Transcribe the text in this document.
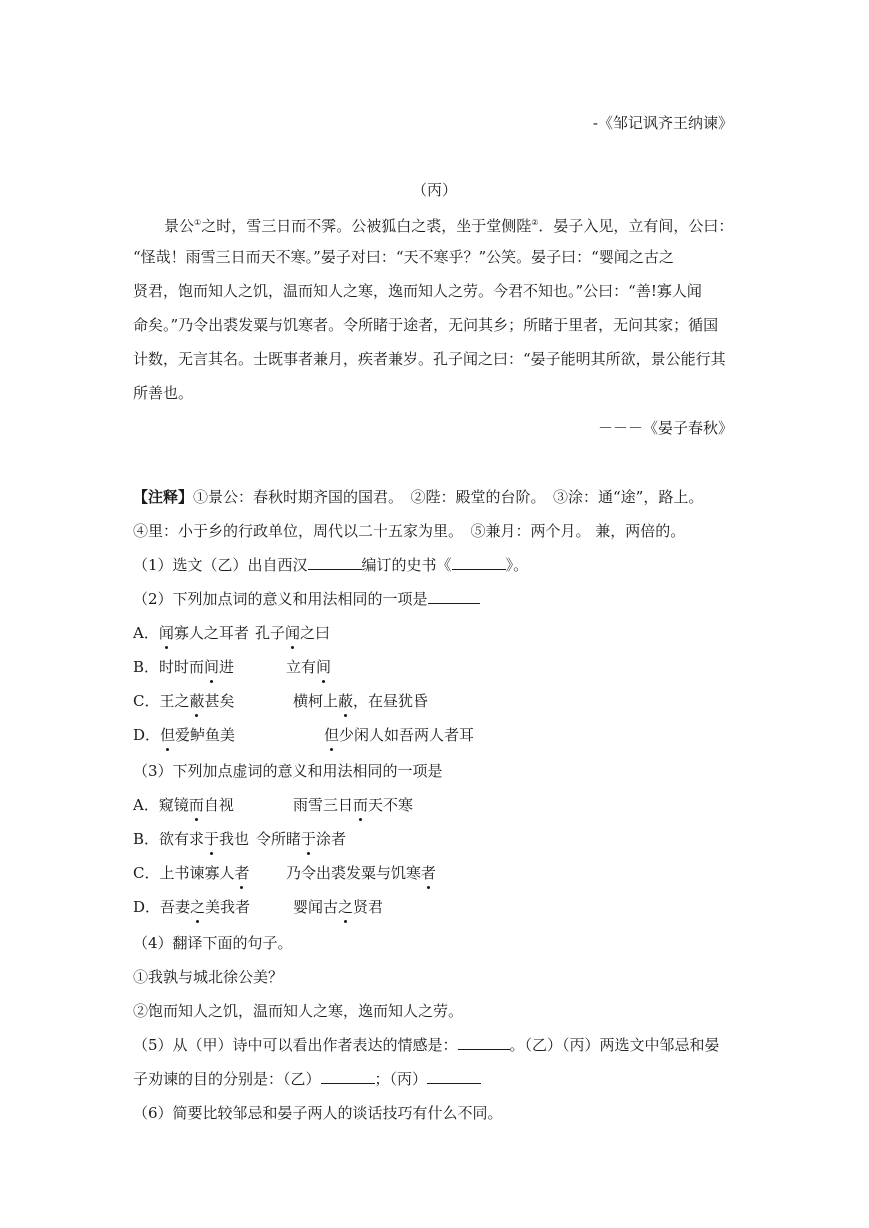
-《邹记讽齐王纳谏》
（丙）
景公①之时，雪三日而不霁。公被狐白之裘，坐于堂侧陛②．晏子入见，立有间，公曰：
“怪哉！雨雪三日而天不寒。”晏子对曰：“天不寒乎？”公笑。晏子曰：“婴闻之古之
贤君，饱而知人之饥，温而知人之寒，逸而知人之劳。今君不知也。”公曰：“善!寡人闻
命矣。”乃令出裘发粟与饥寒者。令所睹于途者，无问其乡；所睹于里者，无问其家；循国
计数，无言其名。士既事者兼月，疾者兼岁。孔子闻之曰：“晏子能明其所欲，景公能行其
所善也。
－－－《晏子春秋》
【注释】①景公：春秋时期齐国的国君。　②陛：殿堂的台阶。　③涂：通“途”，路上。
④里：小于乡的行政单位，周代以二十五家为里。　⑤兼月：两个月。 兼，两倍的。
（1）选文（乙）出自西汉	编订的史书《	》。
（2）下列加点词的意义和用法相同的一项是
A．闻寡人之耳者 孔子闻之曰
B．时时而间进	立有间
C．王之蔽甚矣	横柯上蔽，在昼犹昏
D．但爱鲈鱼美	但少闲人如吾两人者耳
（3）下列加点虚词的意义和用法相同的一项是
A．窥镜而自视	雨雪三日而天不寒
B．欲有求于我也 令所睹于涂者
C．上书谏寡人者 乃令出裘发粟与饥寒者
D．吾妻之美我者	婴闻古之贤君
（4）翻译下面的句子。
①我孰与城北徐公美？
②饱而知人之饥，温而知人之寒，逸而知人之劳。
（5）从（甲）诗中可以看出作者表达的情感是：	。（乙）（丙）两选文中邹忌和晏
子劝谏的目的分别是：（乙）	；（丙）
（6）简要比较邹忌和晏子两人的谈话技巧有什么不同。
